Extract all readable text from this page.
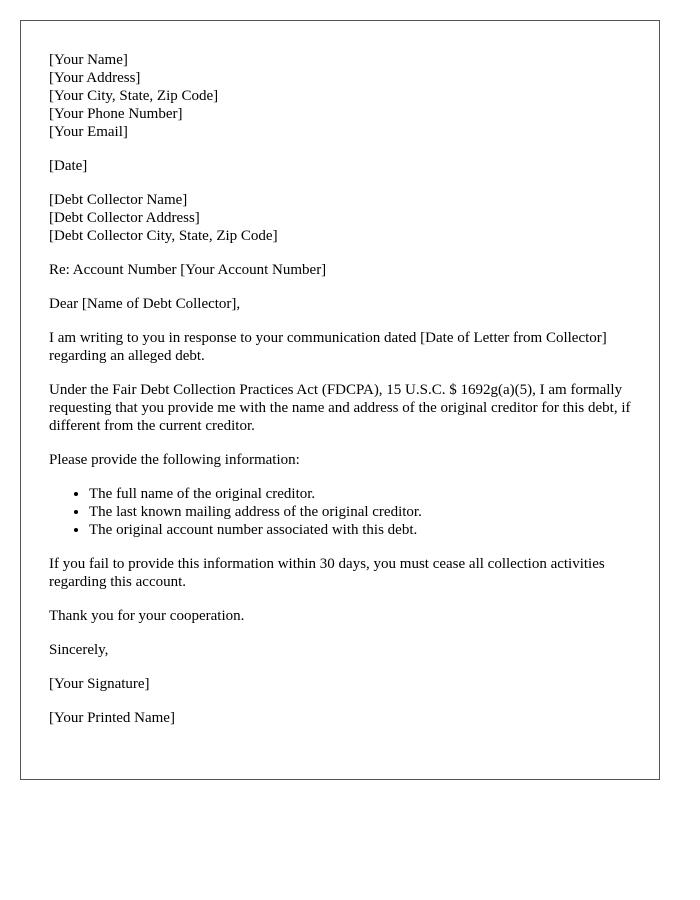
[Your Name]
[Your Address]
[Your City, State, Zip Code]
[Your Phone Number]
[Your Email]

[Date]

[Debt Collector Name]
[Debt Collector Address]
[Debt Collector City, State, Zip Code]

Re: Account Number [Your Account Number]

Dear [Name of Debt Collector],

I am writing to you in response to your communication dated [Date of Letter from Collector] regarding an alleged debt.

Under the Fair Debt Collection Practices Act (FDCPA), 15 U.S.C. $ 1692g(a)(5), I am formally requesting that you provide me with the name and address of the original creditor for this debt, if different from the current creditor.

Please provide the following information:

• The full name of the original creditor.
• The last known mailing address of the original creditor.
• The original account number associated with this debt.

If you fail to provide this information within 30 days, you must cease all collection activities regarding this account.

Thank you for your cooperation.

Sincerely,

[Your Signature]

[Your Printed Name]
